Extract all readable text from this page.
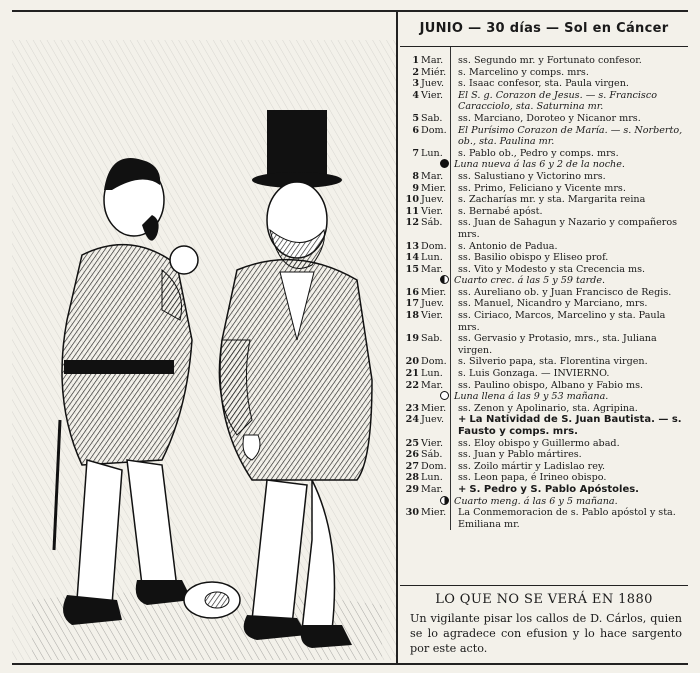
JUNIO — 30 días — Sol en Cáncer
1 Mar.	ss. Segundo mr. y Fortunato confesor.
2 Miér.	s. Marcelino y comps. mrs.
3 Juev.	s. Isaac confesor, sta. Paula virgen.
4 Vier.	El S. g. Corazon de Jesus. — s. Francisco Caracciolo, sta. Saturnina mr.
5 Sab.	ss. Marciano, Doroteo y Nicanor mrs.
6 Dom.	El Purísimo Corazon de María. — s. Norberto, ob., sta. Paulina mr.
7 Lun.	s. Pablo ob., Pedro y comps. mrs.
Luna nueva á las 6 y 2 de la noche.
8 Mar.	ss. Salustiano y Victorino mrs.
9 Mier.	ss. Primo, Feliciano y Vicente mrs.
10 Juev.	s. Zacharías mr. y sta. Margarita reina
11 Vier.	s. Bernabé apóst.
12 Sáb.	ss. Juan de Sahagun y Nazario y compañeros mrs.
13 Dom.	s. Antonio de Padua.
14 Lun.	ss. Basilio obispo y Eliseo prof.
15 Mar.	ss. Vito y Modesto y sta Crecencia ms.
Cuarto crec. á las 5 y 59 tarde.
16 Mier.	ss. Aureliano ob. y Juan Francisco de Regis.
17 Juev.	ss. Manuel, Nicandro y Marciano, mrs.
18 Vier.	ss. Ciriaco, Marcos, Marcelino y sta. Paula mrs.
19 Sab.	ss. Gervasio y Protasio, mrs., sta. Juliana virgen.
20 Dom.	s. Silverio papa, sta. Florentina virgen.
21 Lun.	s. Luis Gonzaga. — INVIERNO.
22 Mar.	ss. Paulino obispo, Albano y Fabio ms.
Luna llena á las 9 y 53 mañana.
23 Mier.	ss. Zenon y Apolinario, sta. Agripina.
24 Juev.	+ La Natividad de S. Juan Bautista. — s. Fausto y comps. mrs.
25 Vier.	ss. Eloy obispo y Guillermo abad.
26 Sáb.	ss. Juan y Pablo mártires.
27 Dom.	ss. Zoilo mártir y Ladislao rey.
28 Lun.	ss. Leon papa, é Irineo obispo.
29 Mar.	+ S. Pedro y S. Pablo Apóstoles.
Cuarto meng. á las 6 y 5 mañana.
30 Mier.	La Conmemoracion de s. Pablo apóstol y sta. Emiliana mr.
LO QUE NO SE VERÁ EN 1880
Un vigilante pisar los callos de D. Cárlos, quien se lo agradece con efusion y lo hace sargento por este acto.
